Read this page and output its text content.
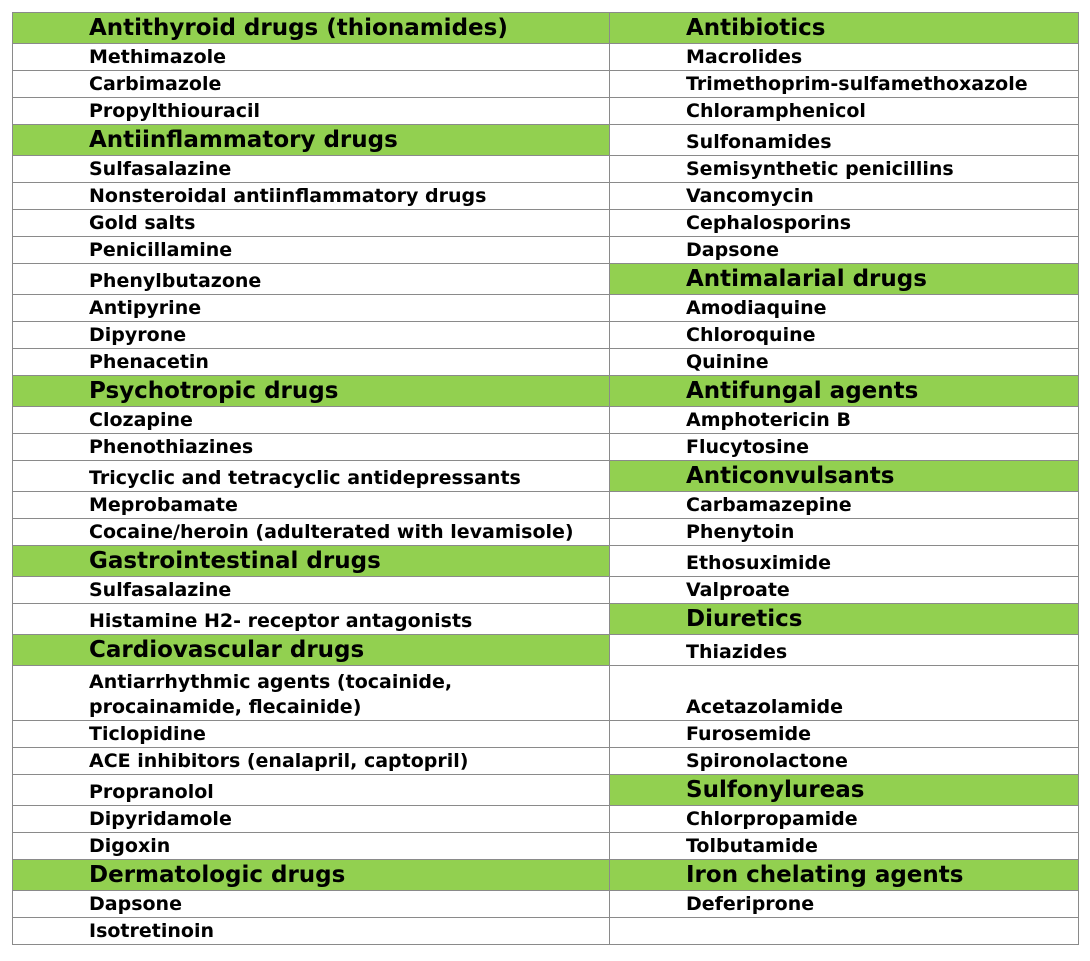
Antithyroid drugs (thionamides)	Antibiotics
Methimazole	Macrolides
Carbimazole	Trimethoprim-sulfamethoxazole
Propylthiouracil	Chloramphenicol
Antiinflammatory drugs	Sulfonamides
Sulfasalazine	Semisynthetic penicillins
Nonsteroidal antiinflammatory drugs	Vancomycin
Gold salts	Cephalosporins
Penicillamine	Dapsone
Phenylbutazone	Antimalarial drugs
Antipyrine	Amodiaquine
Dipyrone	Chloroquine
Phenacetin	Quinine
Psychotropic drugs	Antifungal agents
Clozapine	Amphotericin B
Phenothiazines	Flucytosine
Tricyclic and tetracyclic antidepressants	Anticonvulsants
Meprobamate	Carbamazepine
Cocaine/heroin (adulterated with levamisole)	Phenytoin
Gastrointestinal drugs	Ethosuximide
Sulfasalazine	Valproate
Histamine H2- receptor antagonists	Diuretics
Cardiovascular drugs	Thiazides
Antiarrhythmic agents (tocainide, procainamide, flecainide)	Acetazolamide
Ticlopidine	Furosemide
ACE inhibitors (enalapril, captopril)	Spironolactone
Propranolol	Sulfonylureas
Dipyridamole	Chlorpropamide
Digoxin	Tolbutamide
Dermatologic drugs	Iron chelating agents
Dapsone	Deferiprone
Isotretinoin	
